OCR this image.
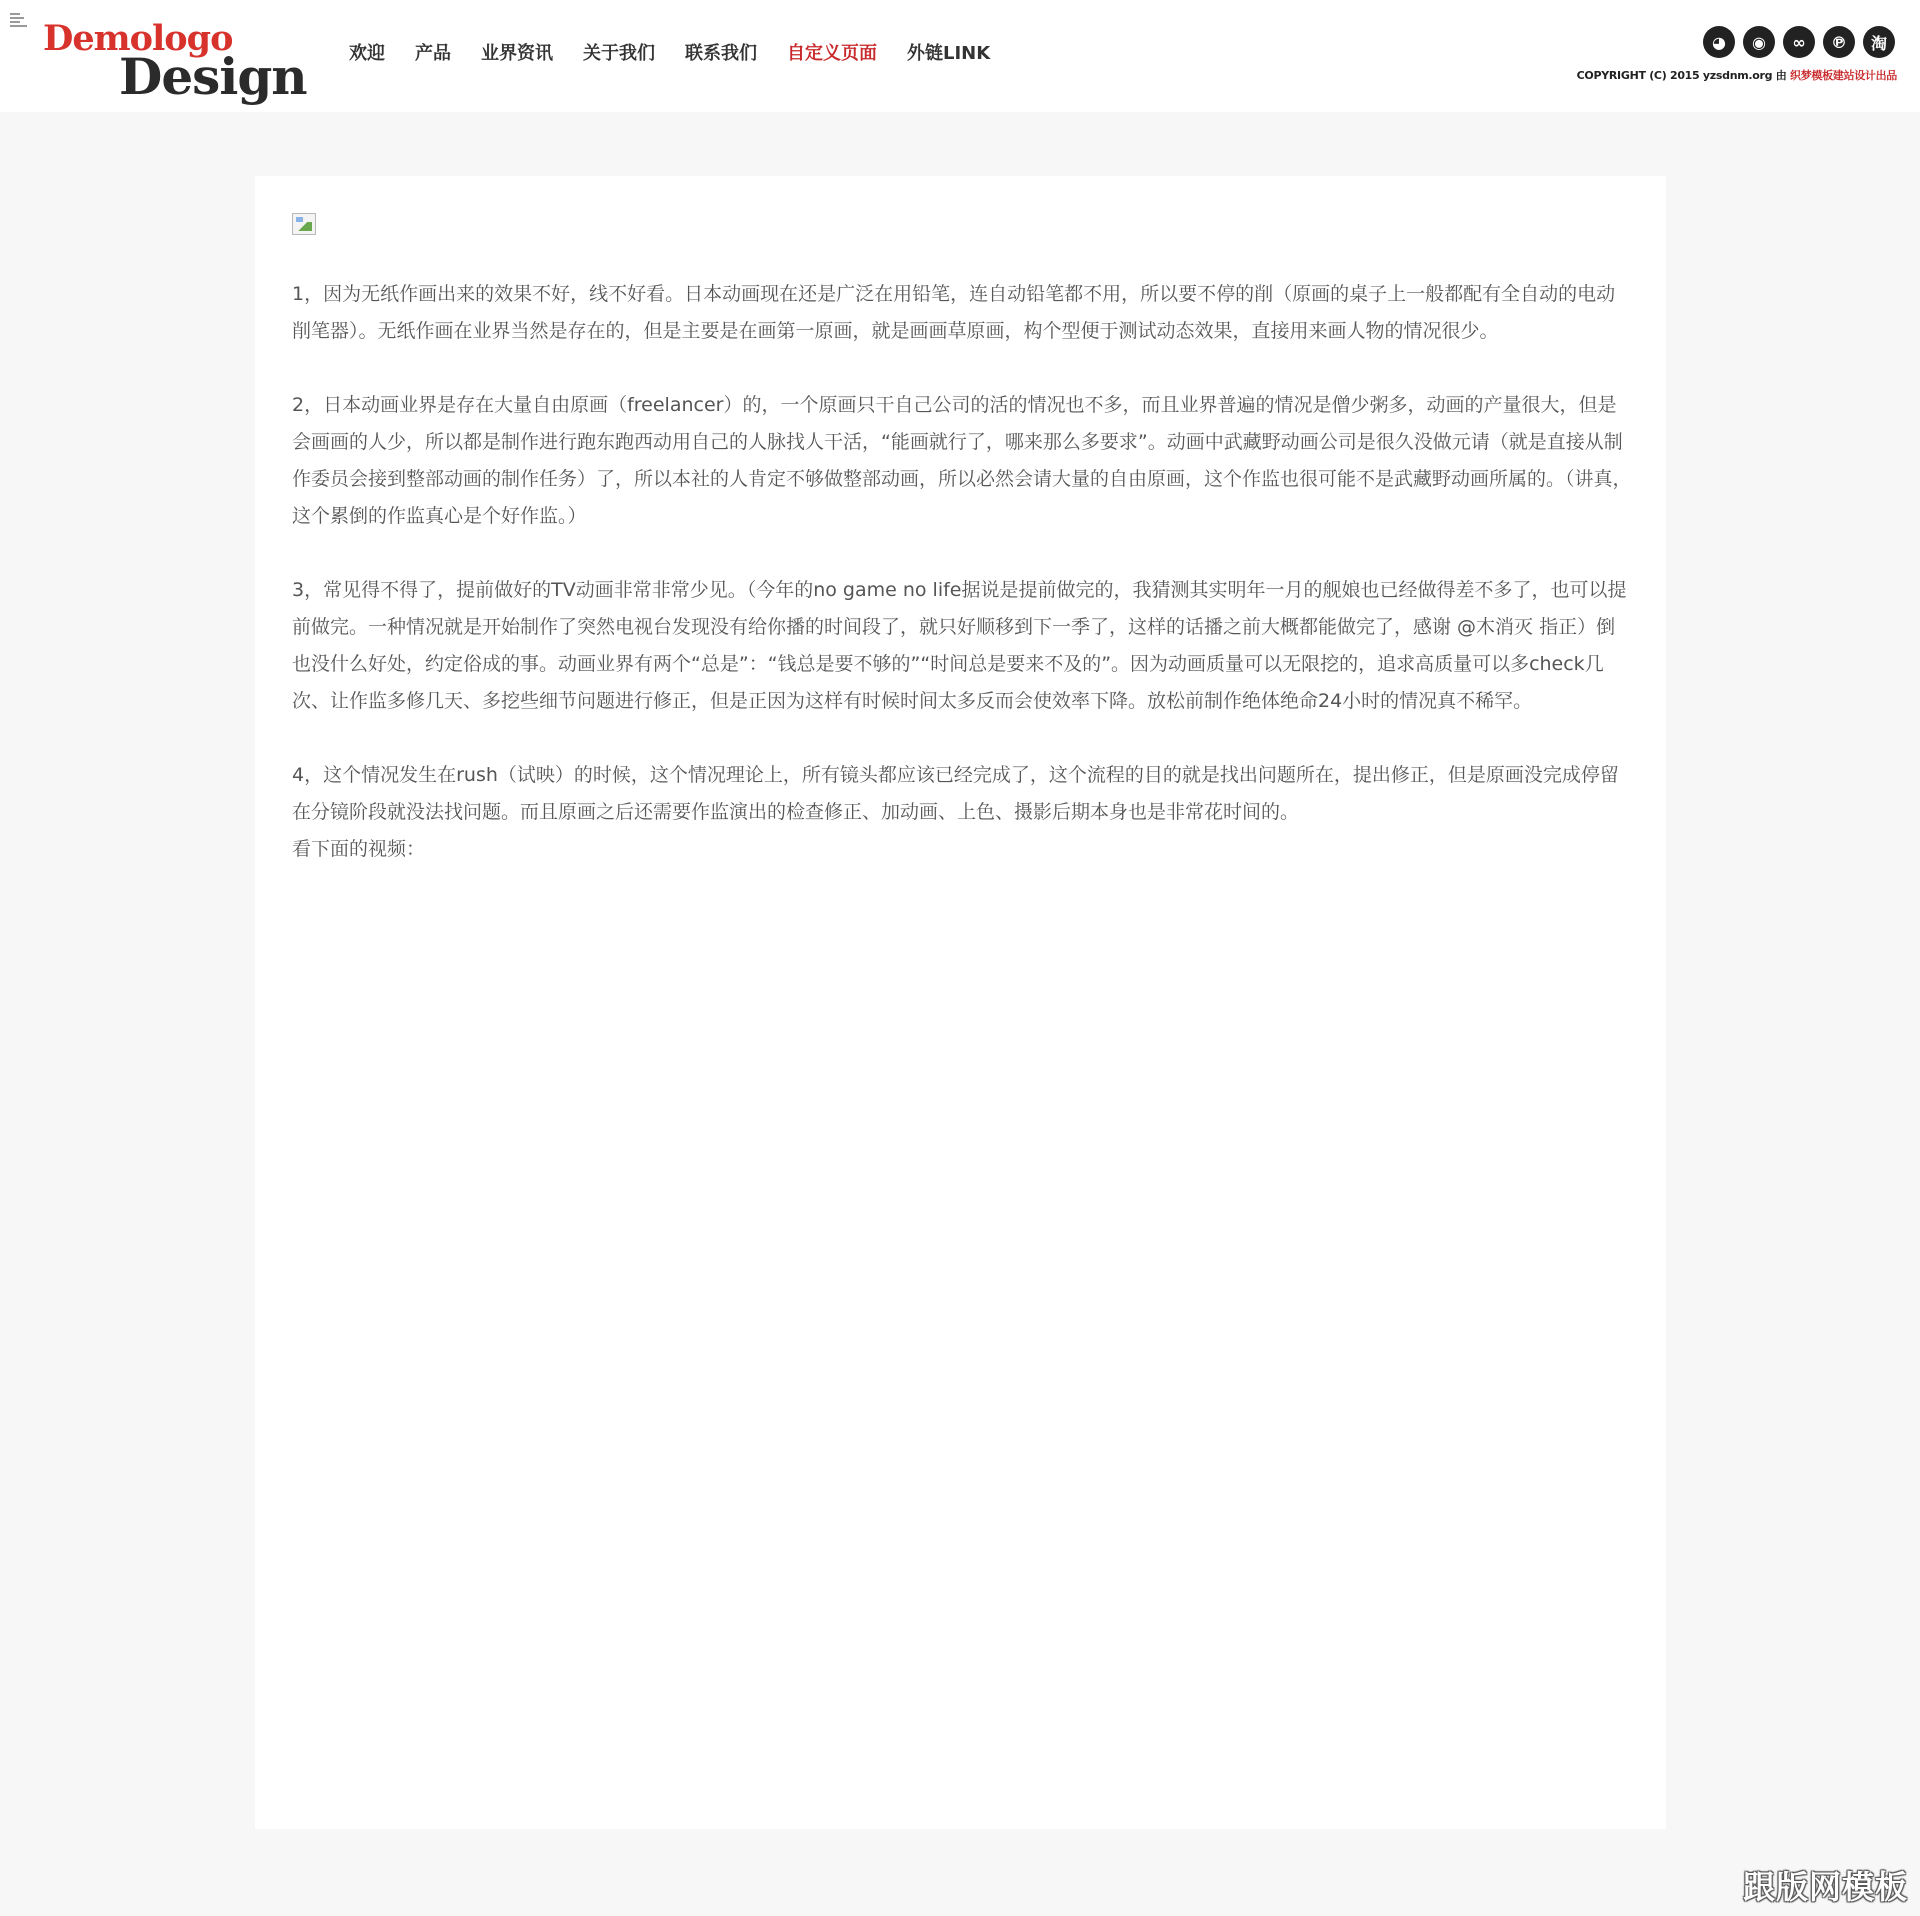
Demologo
Design 欢迎 产品 业界资讯 关于我们 联系我们 自定义页面 外链LINK
◕	◉	∞	℗	淘
COPYRIGHT (C) 2015 yzsdnm.org 由 织梦模板建站设计出品

1，因为无纸作画出来的效果不好，线不好看。日本动画现在还是广泛在用铅笔，连自动铅笔都不用，所以要不停的削（原画的桌子上一般都配有全自动的电动削笔器）。无纸作画在业界当然是存在的，但是主要是在画第一原画，就是画画草原画，构个型便于测试动态效果，直接用来画人物的情况很少。

2，日本动画业界是存在大量自由原画（freelancer）的，一个原画只干自己公司的活的情况也不多，而且业界普遍的情况是僧少粥多，动画的产量很大，但是会画画的人少，所以都是制作进行跑东跑西动用自己的人脉找人干活，“能画就行了，哪来那么多要求”。动画中武藏野动画公司是很久没做元请（就是直接从制作委员会接到整部动画的制作任务）了，所以本社的人肯定不够做整部动画，所以必然会请大量的自由原画，这个作监也很可能不是武藏野动画所属的。（讲真，这个累倒的作监真心是个好作监。）

3，常见得不得了，提前做好的TV动画非常非常少见。（今年的no game no life据说是提前做完的，我猜测其实明年一月的舰娘也已经做得差不多了，也可以提前做完。一种情况就是开始制作了突然电视台发现没有给你播的时间段了，就只好顺移到下一季了，这样的话播之前大概都能做完了，感谢 @木消灭 指正）倒也没什么好处，约定俗成的事。动画业界有两个“总是”：“钱总是要不够的”“时间总是要来不及的”。因为动画质量可以无限挖的，追求高质量可以多check几次、让作监多修几天、多挖些细节问题进行修正，但是正因为这样有时候时间太多反而会使效率下降。放松前制作绝体绝命24小时的情况真不稀罕。

4，这个情况发生在rush（试映）的时候，这个情况理论上，所有镜头都应该已经完成了，这个流程的目的就是找出问题所在，提出修正，但是原画没完成停留在分镜阶段就没法找问题。而且原画之后还需要作监演出的检查修正、加动画、上色、摄影后期本身也是非常花时间的。

看下面的视频：

跟版网模板
